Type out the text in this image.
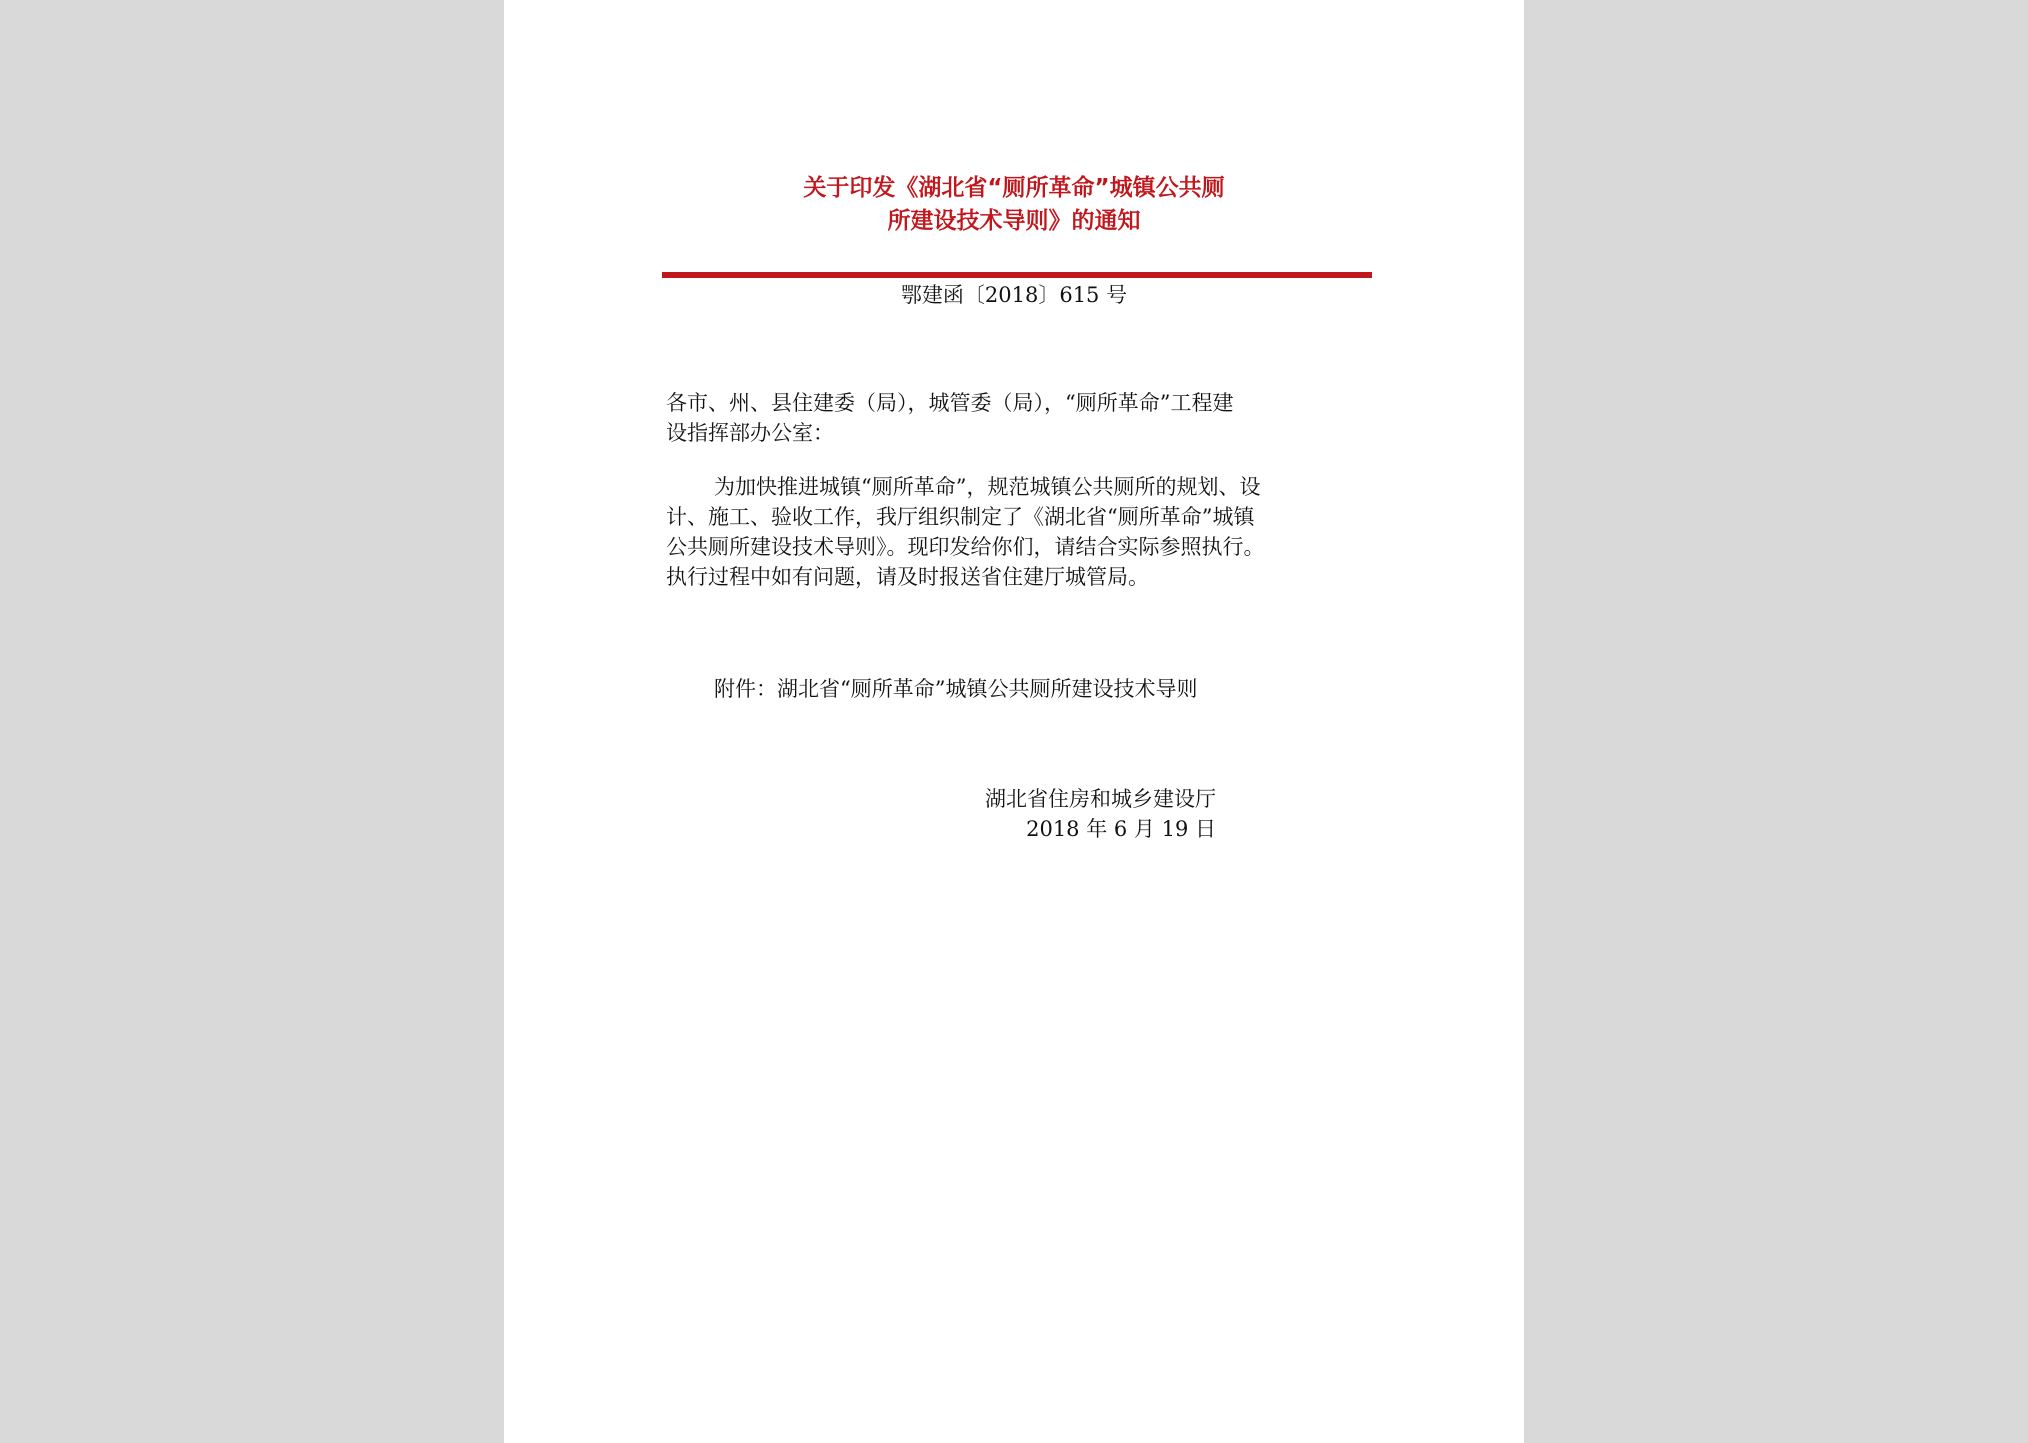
关于印发《湖北省“厕所革命”城镇公共厕
所建设技术导则》的通知
鄂建函〔2018〕615 号
各市、州、县住建委（局），城管委（局），“厕所革命”工程建
设指挥部办公室：
为加快推进城镇“厕所革命”，规范城镇公共厕所的规划、设
计、施工、验收工作，我厅组织制定了《湖北省“厕所革命”城镇
公共厕所建设技术导则》。现印发给你们，请结合实际参照执行。
执行过程中如有问题，请及时报送省住建厅城管局。
附件：湖北省“厕所革命”城镇公共厕所建设技术导则
湖北省住房和城乡建设厅
2018 年 6 月 19 日
